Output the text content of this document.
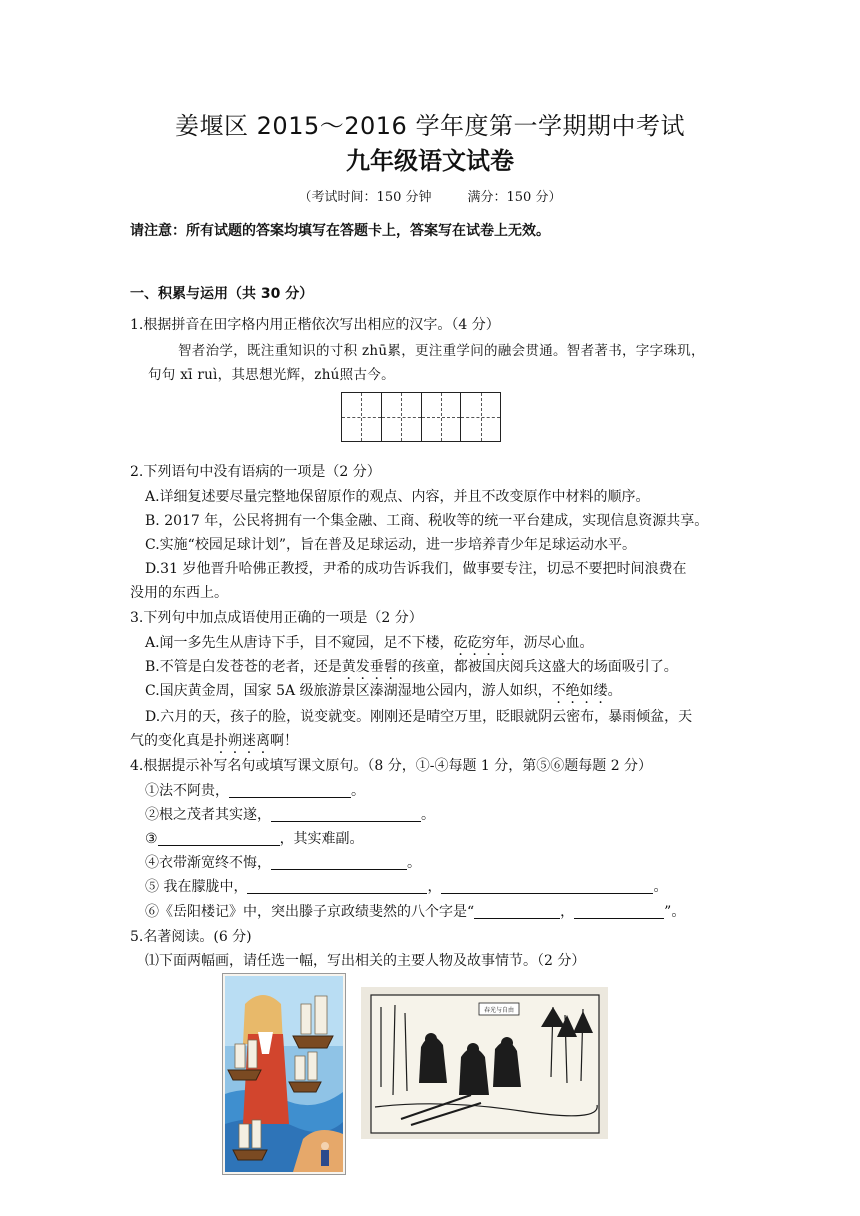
姜堰区 2015～2016 学年度第一学期期中考试
九年级语文试卷
（考试时间：150 分钟	满分：150 分）
请注意：所有试题的答案均填写在答题卡上，答案写在试卷上无效。
一、积累与运用（共 30 分）
1.根据拼音在田字格内用正楷依次写出相应的汉字。（4 分）
智者治学，既注重知识的寸积 zhū累，更注重学问的融会贯通。智者著书，字字珠玑，
句句 xī ruì，其思想光辉，zhú照古今。
2.下列语句中没有语病的一项是（2 分）
A.详细复述要尽量完整地保留原作的观点、内容，并且不改变原作中材料的顺序。
B. 2017 年，公民将拥有一个集金融、工商、税收等的统一平台建成，实现信息资源共享。
C.实施“校园足球计划”，旨在普及足球运动，进一步培养青少年足球运动水平。
D.31 岁他晋升哈佛正教授，尹希的成功告诉我们，做事要专注，切忌不要把时间浪费在
没用的东西上。
3.下列句中加点成语使用正确的一项是（2 分）
A.闻一多先生从唐诗下手，目不窥园，足不下楼，矻矻穷年，沥尽心血。
B.不管是白发苍苍的老者，还是黄发垂髫的孩童，都被国庆阅兵这盛大的场面吸引了。
C.国庆黄金周，国家 5A 级旅游景区溱湖湿地公园内，游人如织，不绝如缕。
D.六月的天，孩子的脸，说变就变。刚刚还是晴空万里，眨眼就阴云密布，暴雨倾盆，天
气的变化真是扑朔迷离啊！
4.根据提示补写名句或填写课文原句。（8 分，①-④每题 1 分，第⑤⑥题每题 2 分）
①法不阿贵，	。
②根之茂者其实遂，	。
③	，其实难副。
④衣带渐宽终不悔，	。
⑤ 我在朦胧中，	，	。
⑥《岳阳楼记》中，突出滕子京政绩斐然的八个字是“	，	”。
5.名著阅读。(6 分)
⑴下面两幅画，请任选一幅，写出相关的主要人物及故事情节。（2 分）
春光与自由
